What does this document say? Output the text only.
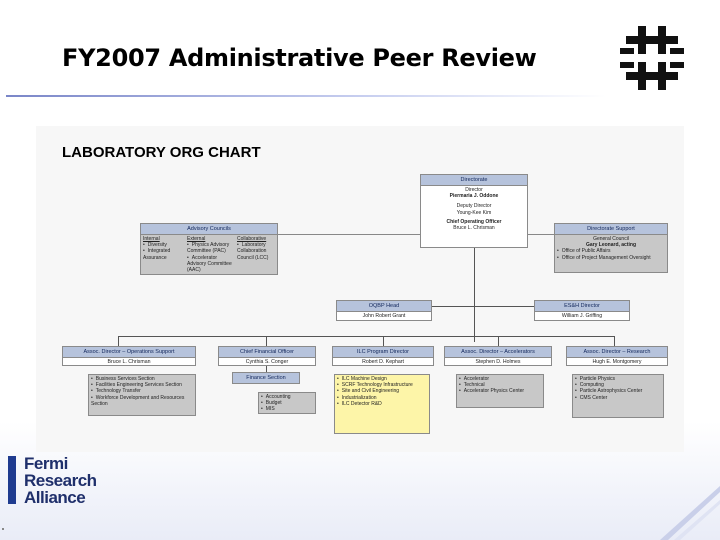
FY2007 Administrative Peer Review
LABORATORY ORG CHART
Directorate
Director
Piermaria J. Oddone
Deputy Director
Young-Kee Kim
Chief Operating Officer
Bruce L. Chrisman
Advisory Councils
Internal
• Diversity
• Integrated Assurance
External
• Physics Advisory Committee (PAC)
• Accelerator Advisory Committee (AAC)
Collaborative
• Laboratory Collaboration Council (LCC)
Directorate Support
General Council
Gary Leonard, acting
• Office of Public Affairs
• Office of Project Management Oversight
OQBP Head
John Robert Grant
ES&H Director
William J. Griffing
Assoc. Director – Operations Support
Bruce L. Chrisman
• Business Services Section
• Facilities Engineering Services Section
• Technology Transfer
• Workforce Development and Resources Section
Chief Financial Officer
Cynthia S. Conger
Finance Section
• Accounting
• Budget
• MIS
ILC Program Director
Robert D. Kephart
• ILC Machine Design
• SCRF Technology Infrastructure
• Site and Civil Engineering
• Industrialization
• ILC Detector R&D
Assoc. Director – Accelerators
Stephen D. Holmes
• Accelerator
• Technical
• Accelerator Physics Center
Assoc. Director – Research
Hugh E. Montgomery
• Particle Physics
• Computing
• Particle Astrophysics Center
• CMS Center
Fermi
Research
Alliance
